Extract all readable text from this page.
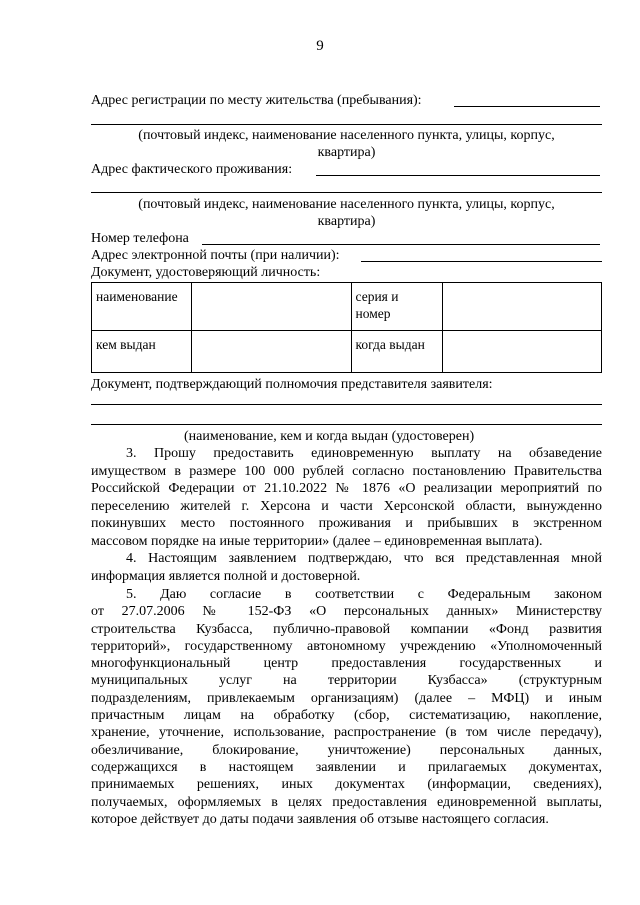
9
Адрес регистрации по месту жительства (пребывания):
(почтовый индекс, наименование населенного пункта, улицы, корпус,
квартира)
Адрес фактического проживания:
(почтовый индекс, наименование населенного пункта, улицы, корпус,
квартира)
Номер телефона
Адрес электронной почты (при наличии):
Документ, удостоверяющий личность:
наименование		серия и
номер	
кем выдан		когда выдан	
Документ, подтверждающий полномочия представителя заявителя:
(наименование, кем и когда выдан (удостоверен)

3. Прошу предоставить единовременную выплату на обзаведение

имуществом в размере 100 000 рублей согласно постановлению Правительства

Российской Федерации от 21.10.2022 № 1876 «О реализации мероприятий по

переселению жителей г. Херсона и части Херсонской области, вынужденно

покинувших место постоянного проживания и прибывших в экстренном

массовом порядке на иные территории» (далее – единовременная выплата).

4. Настоящим заявлением подтверждаю, что вся представленная мной

информация является полной и достоверной.

5. Даю согласие в соответствии с Федеральным законом

от 27.07.2006 № 152-ФЗ «О персональных данных» Министерству

строительства Кузбасса, публично-правовой компании «Фонд развития

территорий», государственному автономному учреждению «Уполномоченный

многофункциональный центр предоставления государственных и

муниципальных услуг на территории Кузбасса» (структурным

подразделениям, привлекаемым организациям) (далее – МФЦ) и иным

причастным лицам на обработку (сбор, систематизацию, накопление,

хранение, уточнение, использование, распространение (в том числе передачу),

обезличивание, блокирование, уничтожение) персональных данных,

содержащихся в настоящем заявлении и прилагаемых документах,

принимаемых решениях, иных документах (информации, сведениях),

получаемых, оформляемых в целях предоставления единовременной выплаты,

которое действует до даты подачи заявления об отзыве настоящего согласия.
